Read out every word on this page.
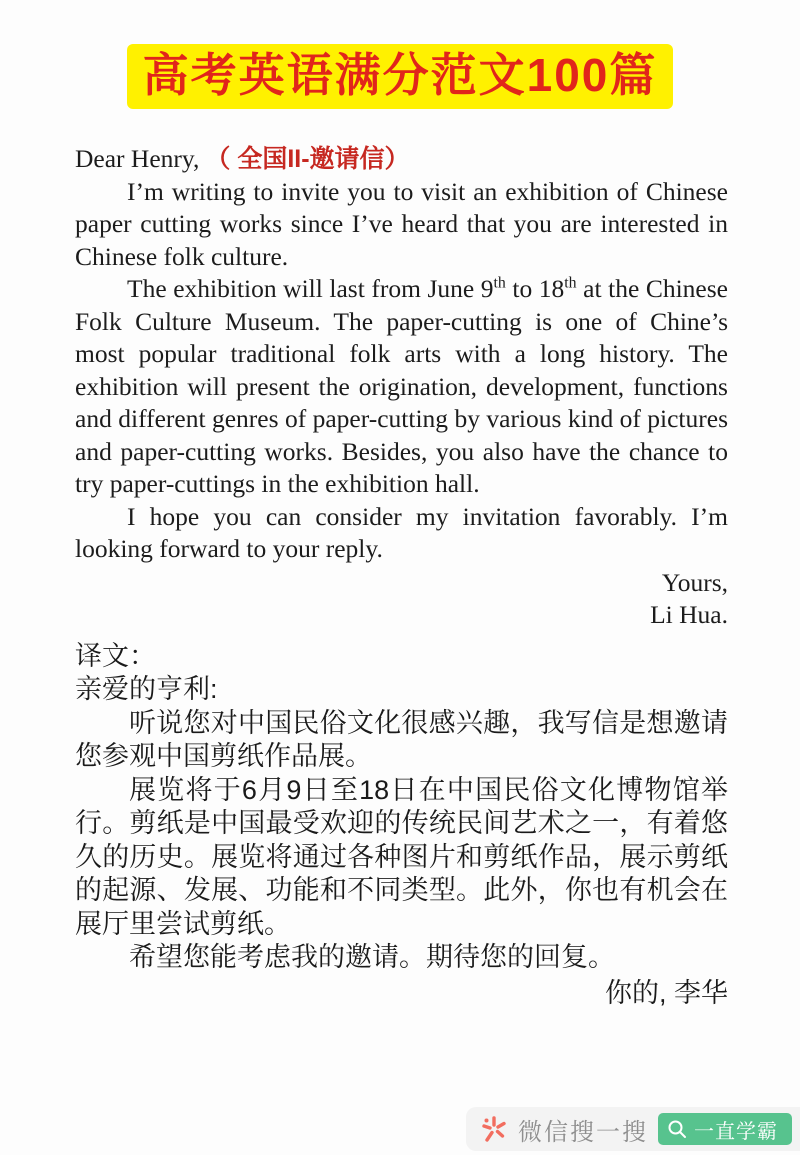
高考英语满分范文100篇

Dear Henry, （ 全国II-邀请信）

I’m writing to invite you to visit an exhibition of Chinese paper cutting works since I’ve heard that you are interested in Chinese folk culture.

The exhibition will last from June 9th to 18th at the Chinese Folk Culture Museum. The paper-cutting is one of Chine’s most popular traditional folk arts with a long history. The exhibition will present the origination, development, functions and different genres of paper-cutting by various kind of pictures and paper-cutting works. Besides, you also have the chance to try paper-cuttings in the exhibition hall.

I hope you can consider my invitation favorably. I’m looking forward to your reply.

Yours,
Li Hua.

译文：

亲爱的亨利:

听说您对中国民俗文化很感兴趣，我写信是想邀请您参观中国剪纸作品展。

展览将于6月9日至18日在中国民俗文化博物馆举行。剪纸是中国最受欢迎的传统民间艺术之一，有着悠久的历史。展览将通过各种图片和剪纸作品，展示剪纸的起源、发展、功能和不同类型。此外，你也有机会在展厅里尝试剪纸。

希望您能考虑我的邀请。期待您的回复。

你的, 李华

微信搜一搜 一直学霸
